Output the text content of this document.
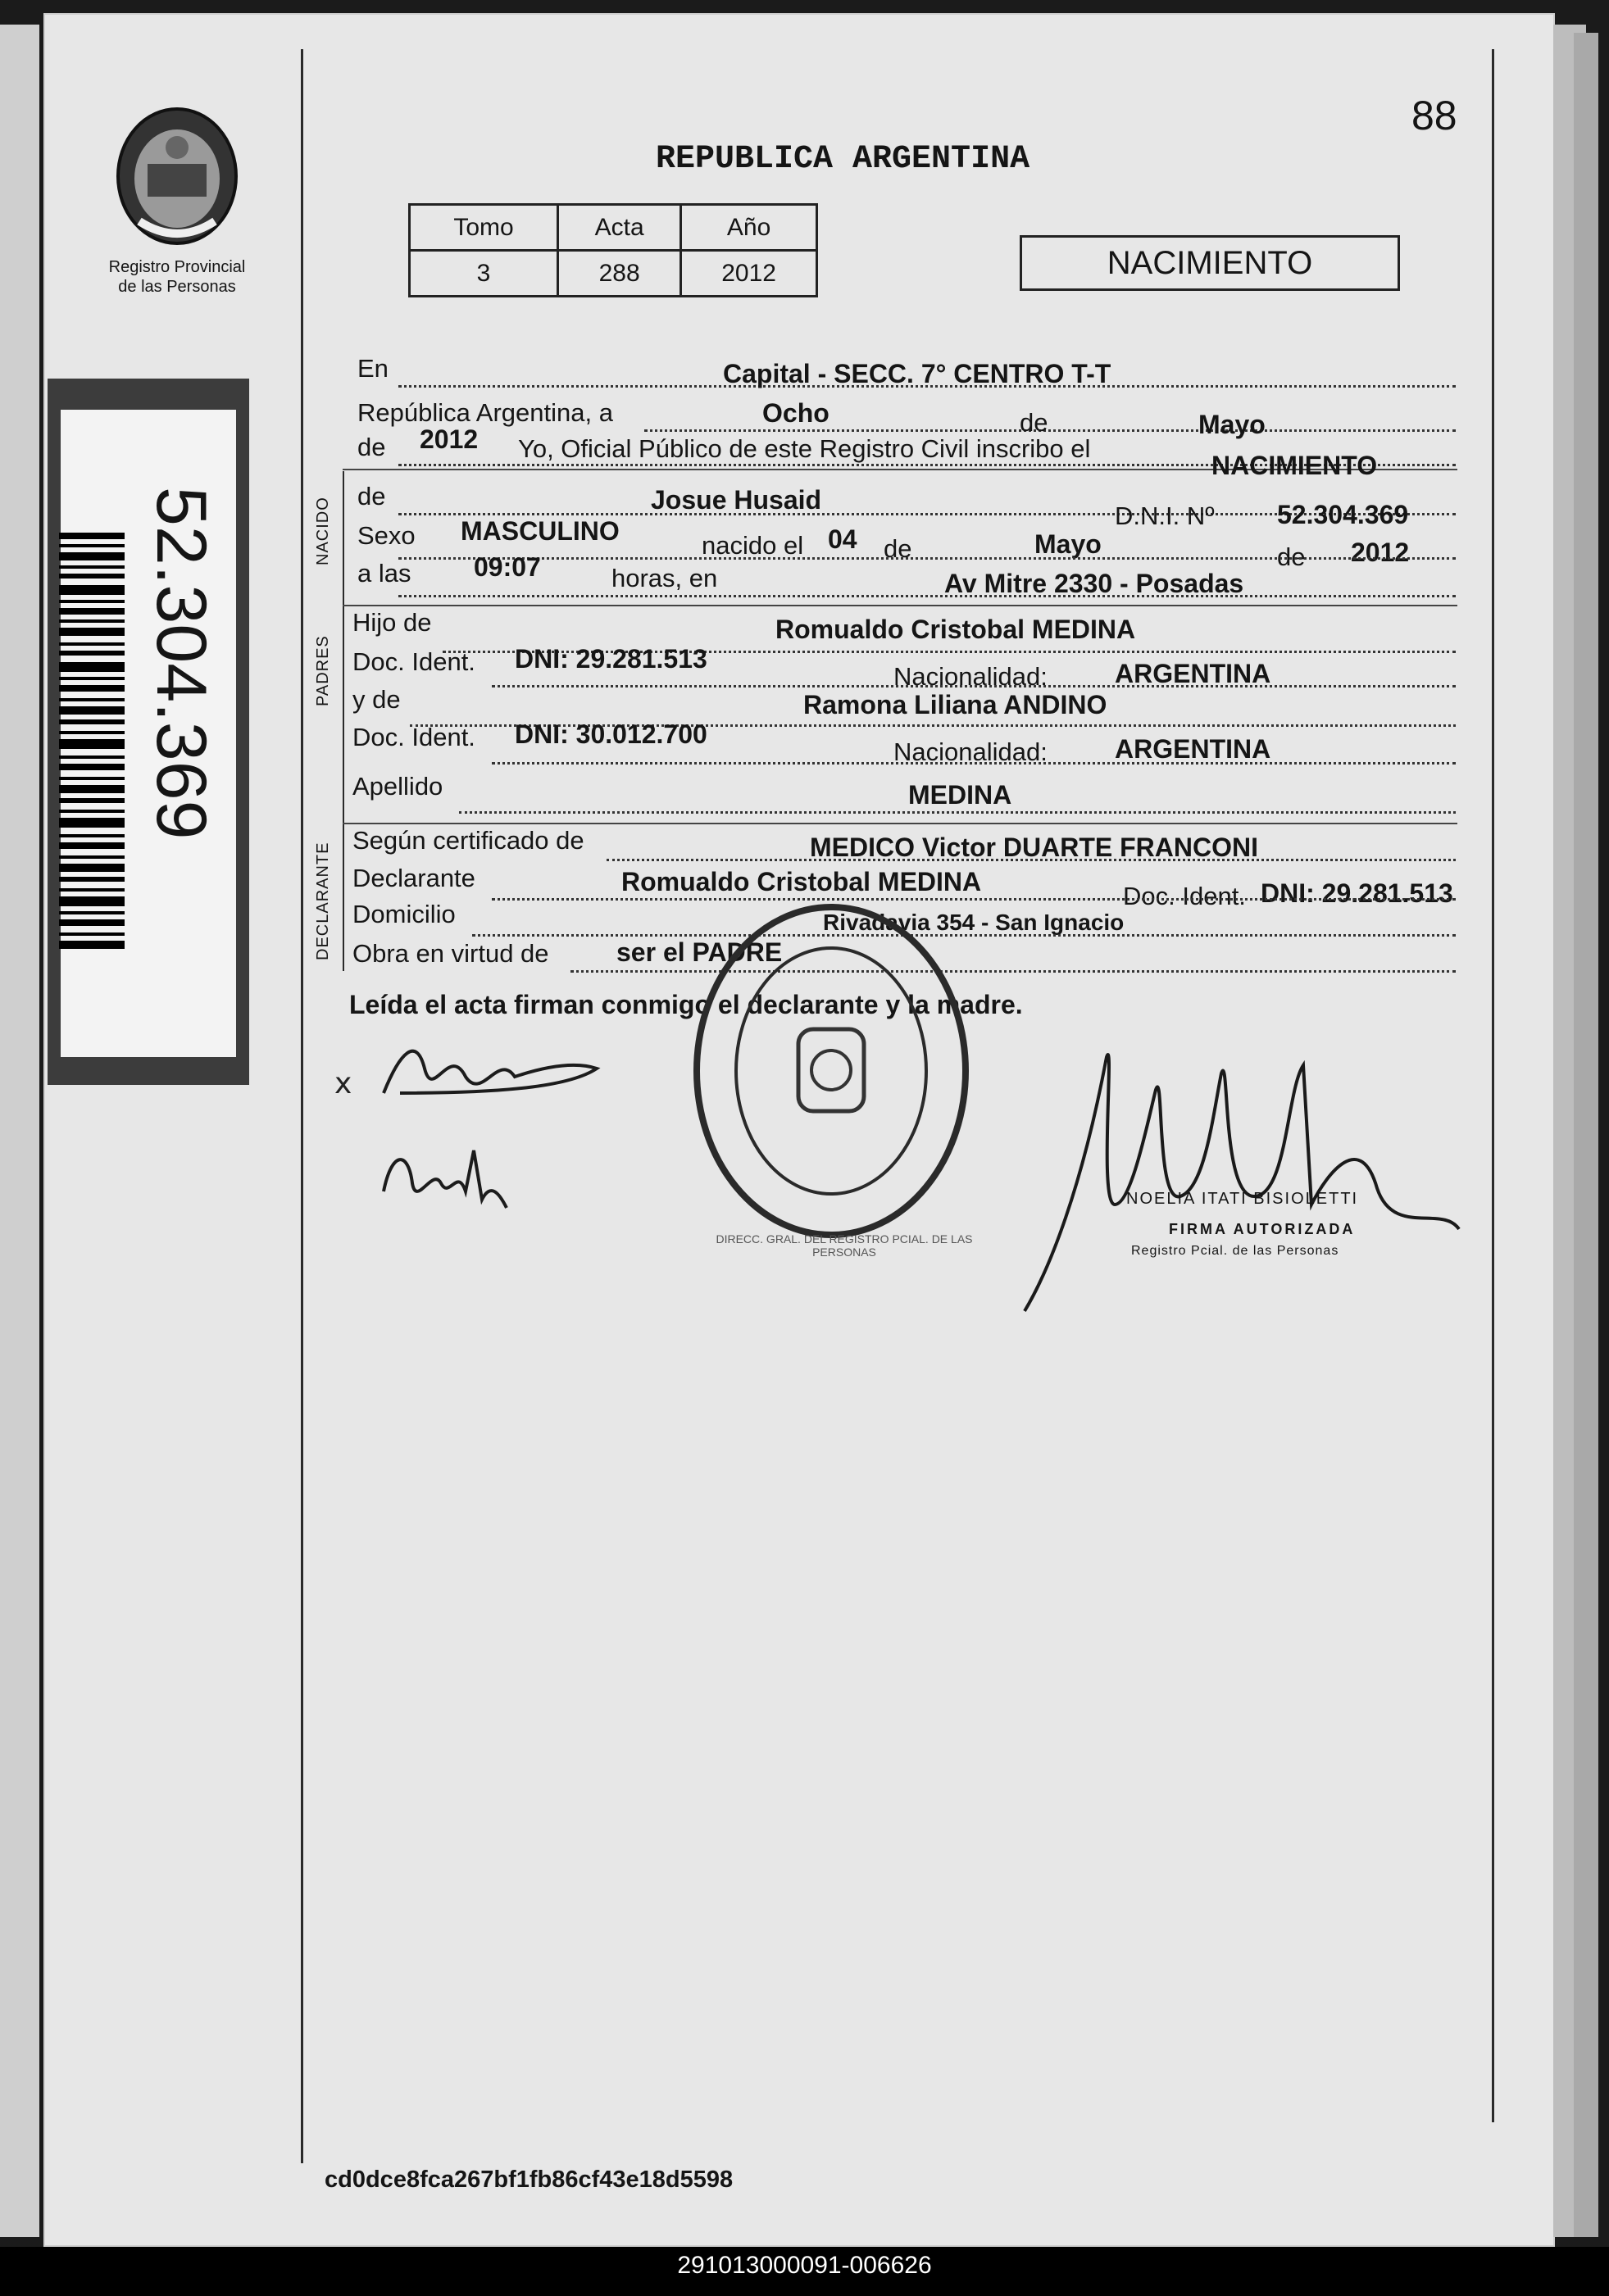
88
Registro Provincial
de las Personas
REPUBLICA ARGENTINA
Tomo	Acta	Año
3	288	2012	NACIMIENTO
52.304.369	NACIDO
PADRES
DECLARANTE
En	Capital - SECC. 7° CENTRO T-T
República Argentina, a	Ocho	de	Mayo
de 2012 Yo, Oficial Público de este Registro Civil inscribo el
NACIMIENTO
de	Josue Husaid
D.N.I. Nº 52.304.369
Sexo MASCULINO	nacido el 04 de	Mayo	de 2012
a las 09:07	horas, en	Av Mitre 2330 - Posadas
Hijo de	Romualdo Cristobal MEDINA
Doc. Ident. DNI: 29.281.513
Nacionalidad:	ARGENTINA
y de	Ramona Liliana ANDINO
Doc. Ident. DNI: 30.012.700
Nacionalidad:	ARGENTINA
Apellido	MEDINA
Según certificado de	MEDICO Victor DUARTE FRANCONI
Declarante	Romualdo Cristobal MEDINA	Doc. Ident. DNI: 29.281.513
Domicilio	Rivadavia 354 - San Ignacio
Obra en virtud de	ser el PADRE
Leída el acta firman conmigo el declarante y la madre.
DIRECC. GRAL. DEL REGISTRO PCIAL. DE LAS PERSONAS
x
NOELIA ITATI BISIOLETTI
FIRMA AUTORIZADA
Registro Pcial. de las Personas
cd0dce8fca267bf1fb86cf43e18d5598
291013000091-006626
